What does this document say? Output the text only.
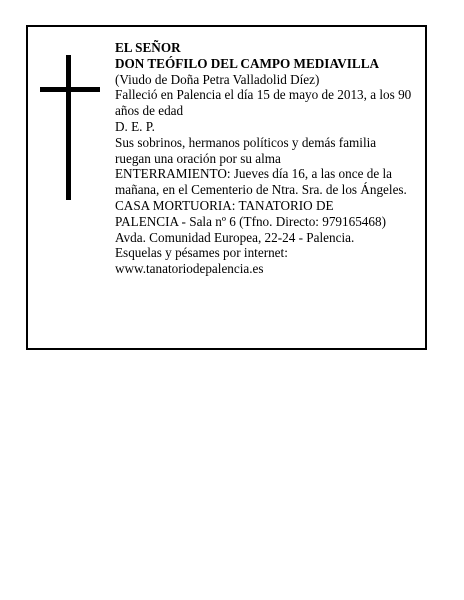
EL SEÑOR
DON TEÓFILO DEL CAMPO MEDIAVILLA
(Viudo de Doña Petra Valladolid Díez)
Falleció en Palencia el día 15 de mayo de 2013, a los 90
años de edad
D. E. P.
Sus sobrinos, hermanos políticos y demás familia
ruegan una oración por su alma
ENTERRAMIENTO: Jueves día 16, a las once de la
mañana, en el Cementerio de Ntra. Sra. de los Ángeles.
CASA MORTUORIA: TANATORIO DE
PALENCIA - Sala nº 6 (Tfno. Directo: 979165468)
Avda. Comunidad Europea, 22-24 - Palencia.
Esquelas y pésames por internet:
www.tanatoriodepalencia.es
